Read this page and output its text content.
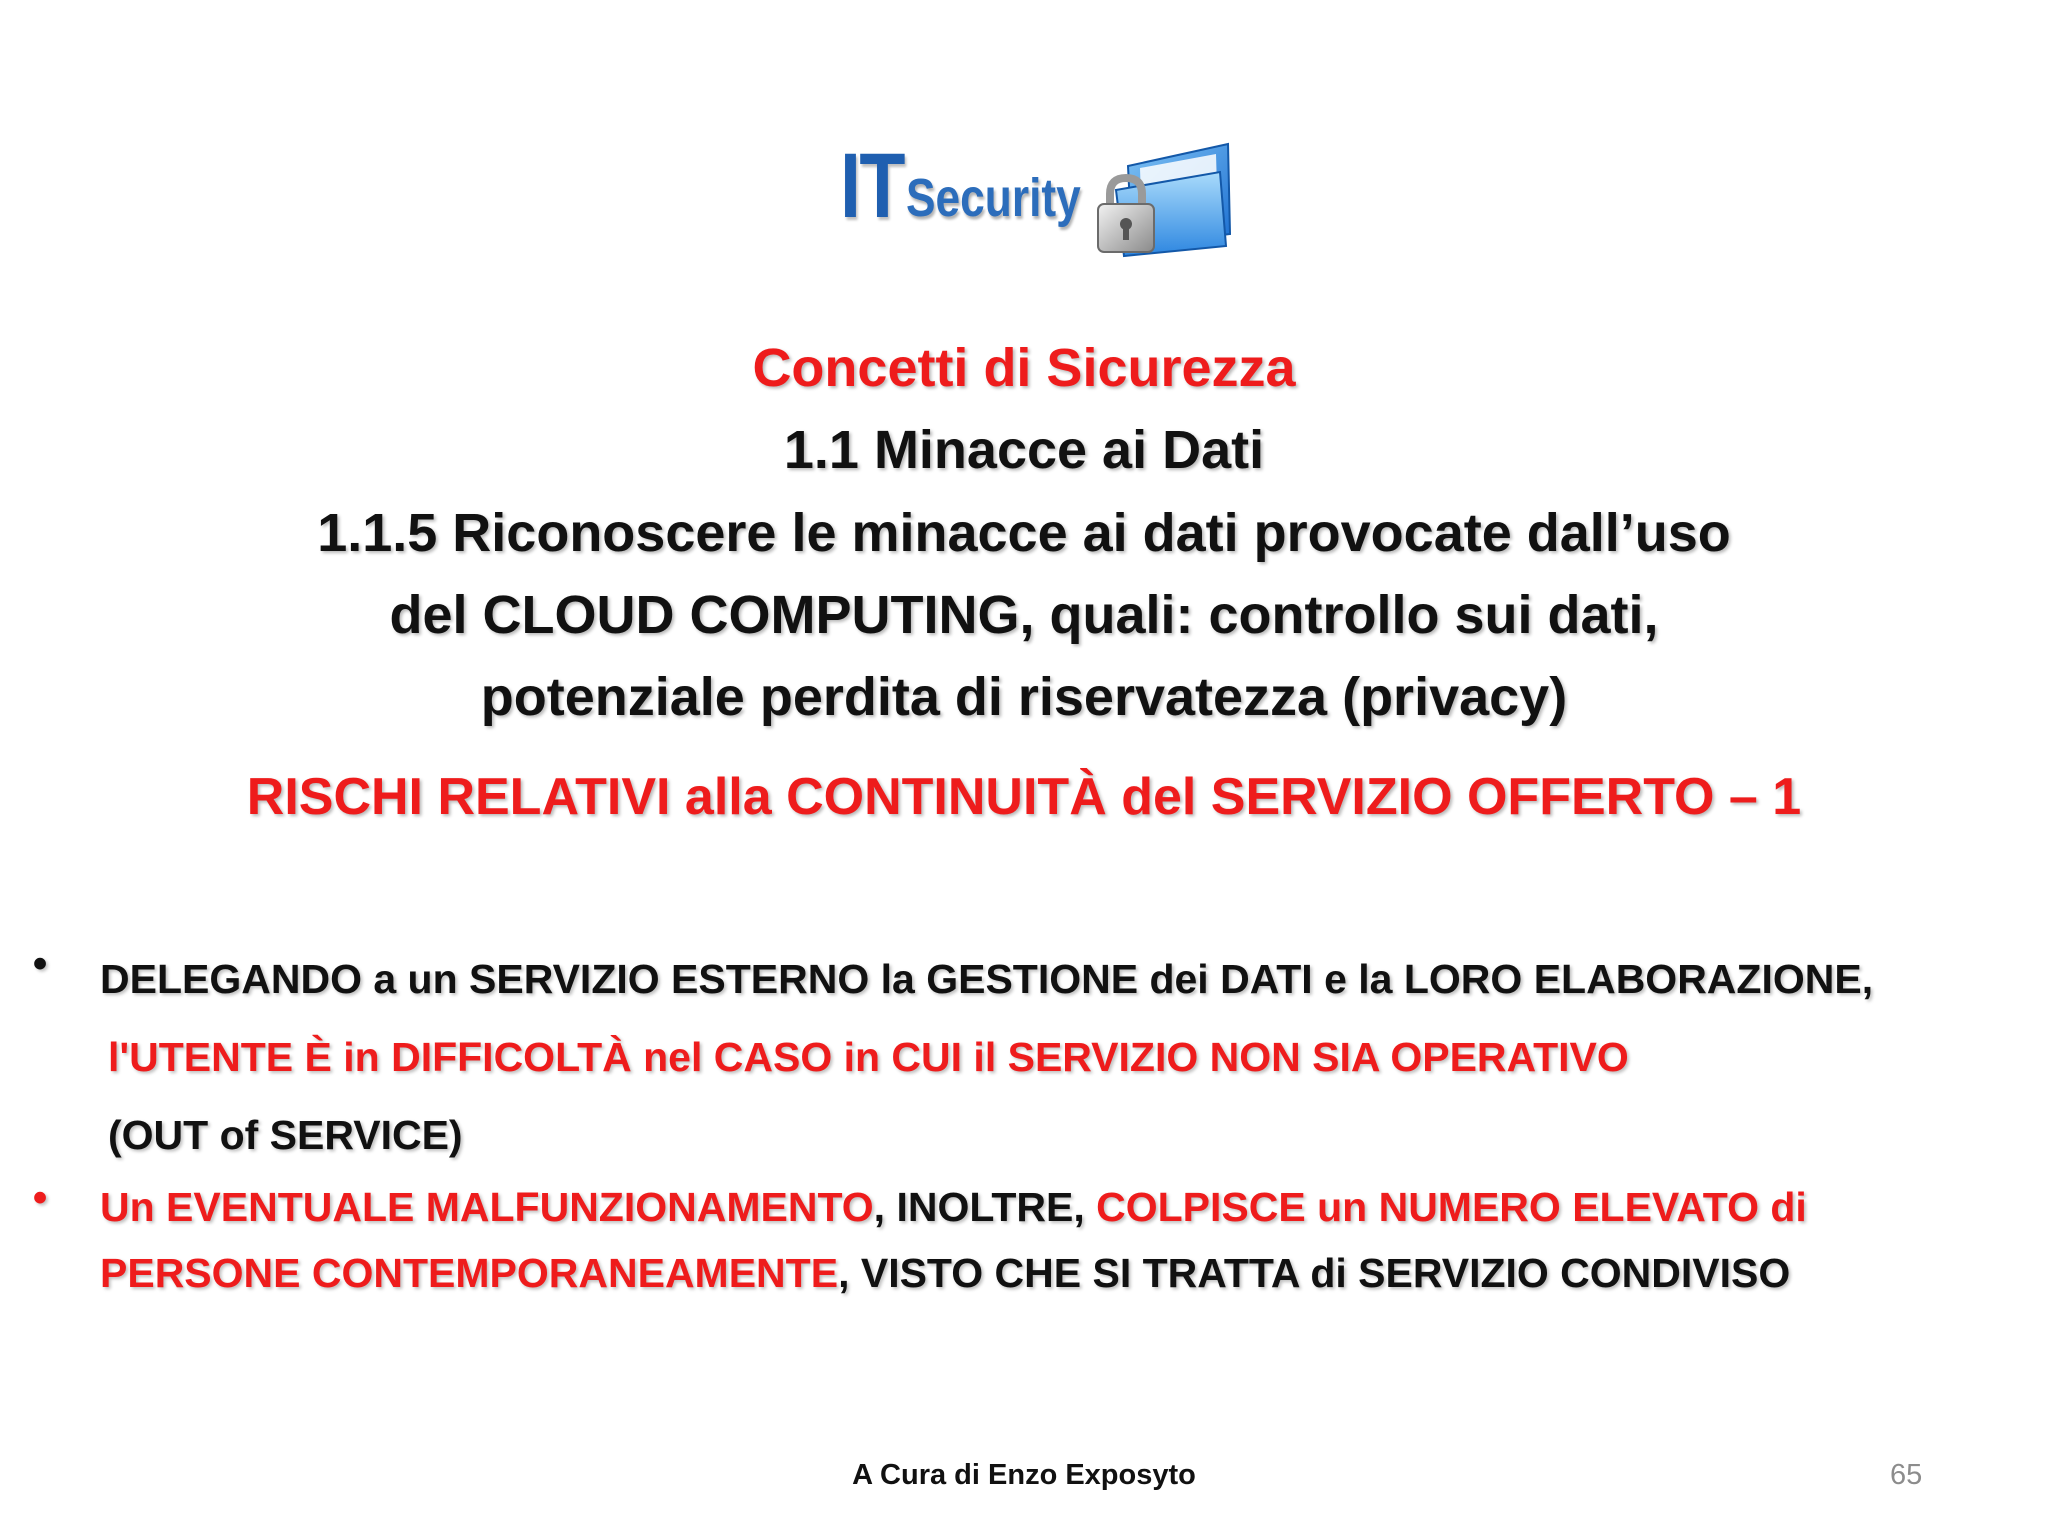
IT Security
Concetti di Sicurezza
1.1 Minacce ai Dati
1.1.5 Riconoscere le minacce ai dati provocate dall’uso
del CLOUD COMPUTING, quali: controllo sui dati,
potenziale perdita di riservatezza (privacy)
RISCHI RELATIVI alla CONTINUITÀ del SERVIZIO OFFERTO – 1
•	DELEGANDO a un SERVIZIO ESTERNO la GESTIONE dei DATI e la LORO ELABORAZIONE,
l'UTENTE È in DIFFICOLTÀ nel CASO in CUI il SERVIZIO NON SIA OPERATIVO
(OUT of SERVICE)
•	Un EVENTUALE MALFUNZIONAMENTO, INOLTRE, COLPISCE un NUMERO ELEVATO di
PERSONE CONTEMPORANEAMENTE, VISTO CHE SI TRATTA di SERVIZIO CONDIVISO
A Cura di Enzo Exposyto	65
